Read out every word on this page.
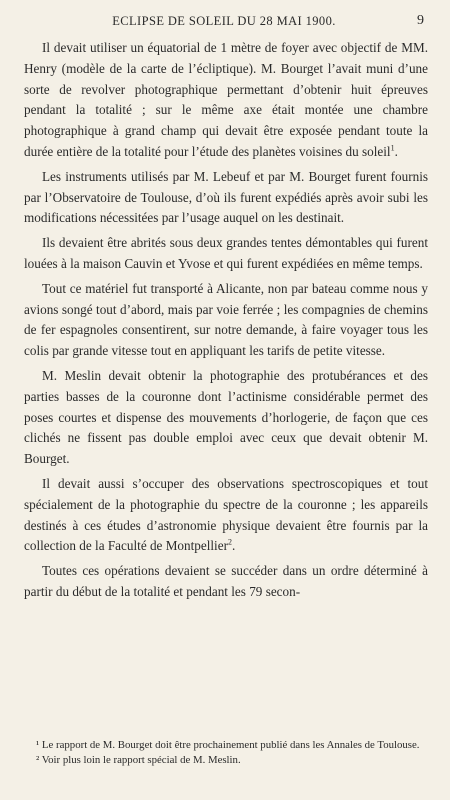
ECLIPSE DE SOLEIL DU 28 MAI 1900.	9

Il devait utiliser un équatorial de 1 mètre de foyer avec objectif de MM. Henry (modèle de la carte de l’écliptique). M. Bourget l’avait muni d’une sorte de revolver photographique permettant d’obtenir huit épreuves pendant la totalité ; sur le même axe était montée une chambre photographique à grand champ qui devait être exposée pendant toute la durée entière de la totalité pour l’étude des planètes voisines du soleil$^1$.

Les instruments utilisés par M. Lebeuf et par M. Bourget furent fournis par l’Observatoire de Toulouse, d’où ils furent expédiés après avoir subi les modifications nécessitées par l’usage auquel on les destinait.

Ils devaient être abrités sous deux grandes tentes démontables qui furent louées à la maison Cauvin et Yvose et qui furent expédiées en même temps.

Tout ce matériel fut transporté à Alicante, non par bateau comme nous y avions songé tout d’abord, mais par voie ferrée ; les compagnies de chemins de fer espagnoles consentirent, sur notre demande, à faire voyager tous les colis par grande vitesse tout en appliquant les tarifs de petite vitesse.

M. Meslin devait obtenir la photographie des protubérances et des parties basses de la couronne dont l’actinisme considérable permet des poses courtes et dispense des mouvements d’horlogerie, de façon que ces clichés ne fissent pas double emploi avec ceux que devait obtenir M. Bourget.

Il devait aussi s’occuper des observations spectroscopiques et tout spécialement de la photographie du spectre de la couronne ; les appareils destinés à ces études d’astronomie physique devaient être fournis par la collection de la Faculté de Montpellier$^2$.

Toutes ces opérations devaient se succéder dans un ordre déterminé à partir du début de la totalité et pendant les 79 secon-

¹ Le rapport de M. Bourget doit être prochainement publié dans les Annales de Toulouse.

² Voir plus loin le rapport spécial de M. Meslin.
